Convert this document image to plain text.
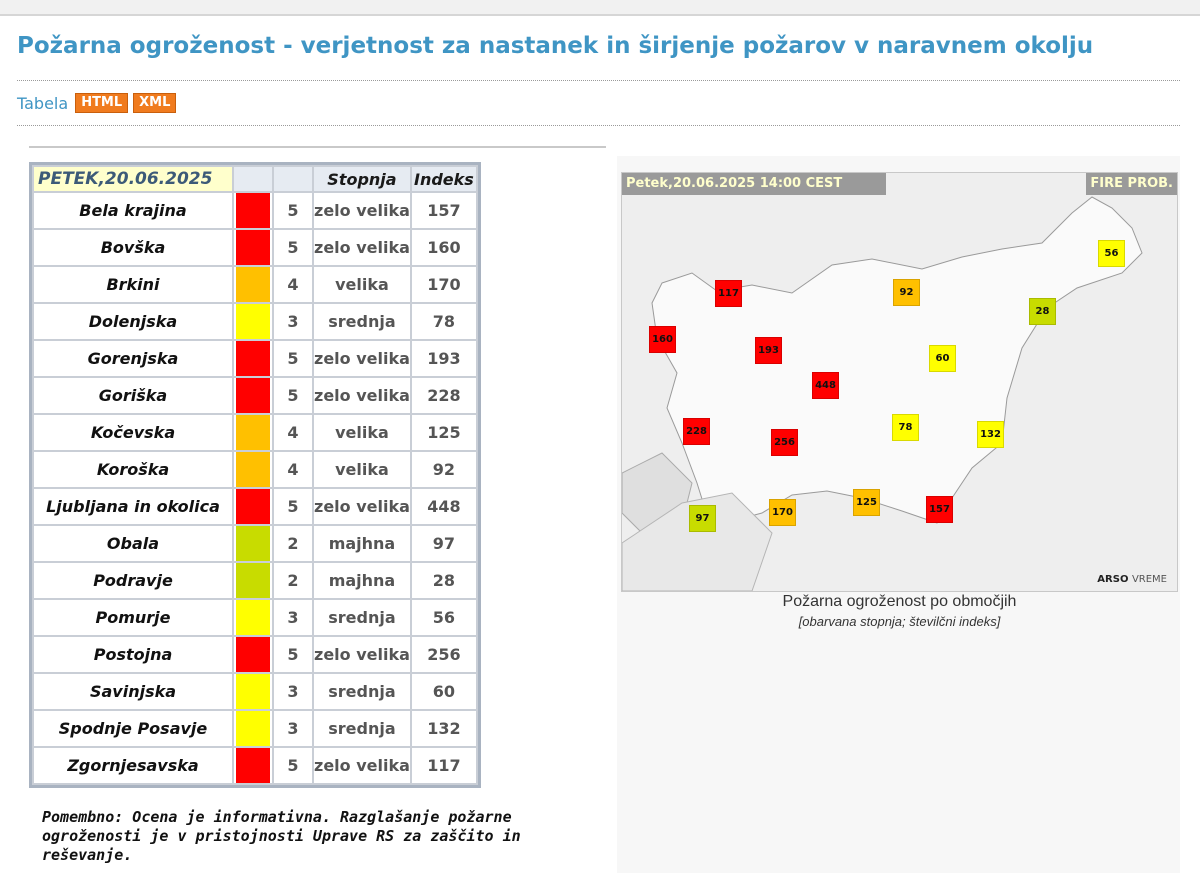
Požarna ogroženost - verjetnost za nastanek in širjenje požarov v naravnem okolju
Tabela	HTML	XML
PETEK,20.06.2025			Stopnja	Indeks
Bela krajina		5	zelo velika	157
Bovška		5	zelo velika	160
Brkini		4	velika	170
Dolenjska		3	srednja	78
Gorenjska		5	zelo velika	193
Goriška		5	zelo velika	228
Kočevska		4	velika	125
Koroška		4	velika	92
Ljubljana in okolica		5	zelo velika	448
Obala		2	majhna	97
Podravje		2	majhna	28
Pomurje		3	srednja	56
Postojna		5	zelo velika	256
Savinjska		3	srednja	60
Spodnje Posavje		3	srednja	132
Zgornjesavska		5	zelo velika	117

Pomembno: Ocena je informativna. Razglašanje požarne ogroženosti je v pristojnosti Uprave RS za zaščito in reševanje.

Petek,20.06.2025 14:00 CEST	FIRE PROB.
56
117	92
28
160
193
60
448
228
256
78
132
125
157
97
170
ARSO VREME
Požarna ogroženost po območjih
[obarvana stopnja; številčni indeks]
